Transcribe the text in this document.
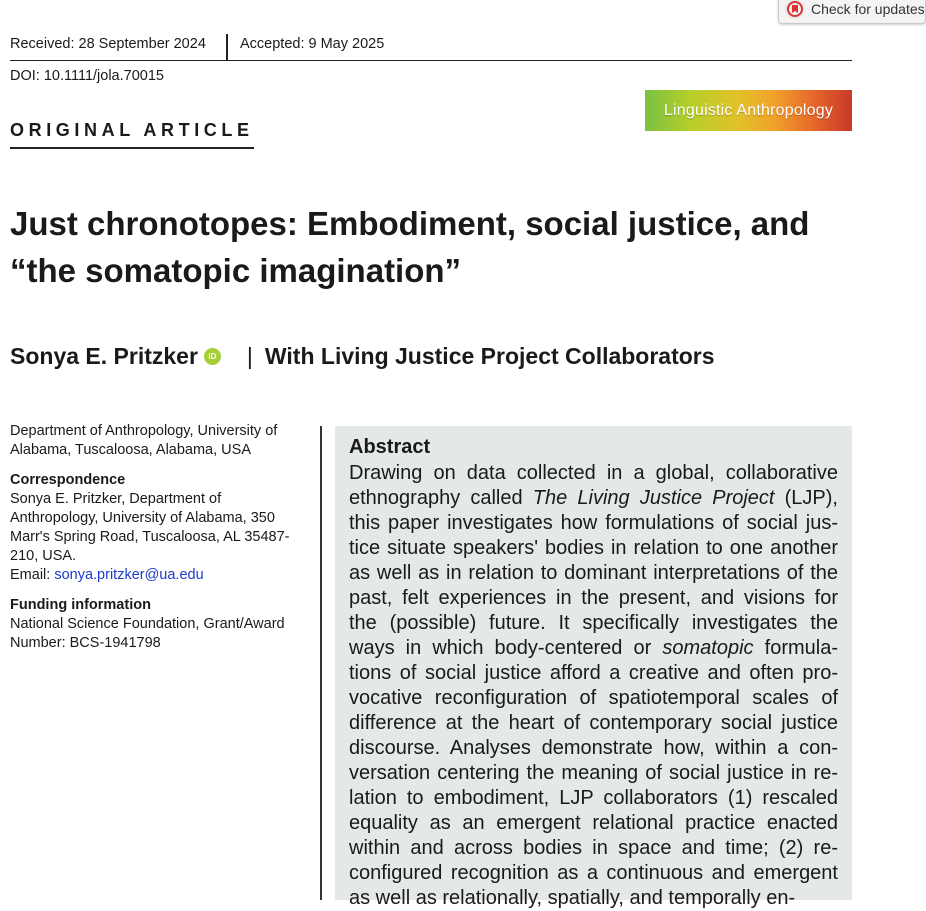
Check for updates
Received: 28 September 2024 Accepted: 9 May 2025
DOI: 10.1111/jola.70015
Linguistic Anthropology
ORIGINAL ARTICLE
Just chronotopes: Embodiment, social justice, and “the somatopic imagination”
Sonya E. Pritzker	iD | With Living Justice Project Collaborators

Department of Anthropology, University of Alabama, Tuscaloosa, Alabama, USA

Correspondence

Sonya E. Pritzker, Department of Anthropology, University of Alabama, 350 Marr's Spring Road, Tuscaloosa, AL 35487-210, USA.

Email: sonya.pritzker@ua.edu

Funding information

National Science Foundation, Grant/Award Number: BCS-1941798

Abstract
Drawing on data collected in a global, collaborative ethnography called The Living Justice Project (LJP), this paper investigates how formulations of social justice situate speakers' bodies in relation to one another as well as in relation to dominant interpretations of the past, felt experiences in the present, and visions for the (possible) future. It specifically investigates the ways in which body-centered or somatopic formulations of social justice afford a creative and often provocative reconfiguration of spatiotemporal scales of difference at the heart of contemporary social justice discourse. Analyses demonstrate how, within a conversation centering the meaning of social justice in relation to embodiment, LJP collaborators (1) rescaled equality as an emergent relational practice enacted within and across bodies in space and time; (2) reconfigured recognition as a continuous and emergent as well as relationally, spatially, and temporally en-
